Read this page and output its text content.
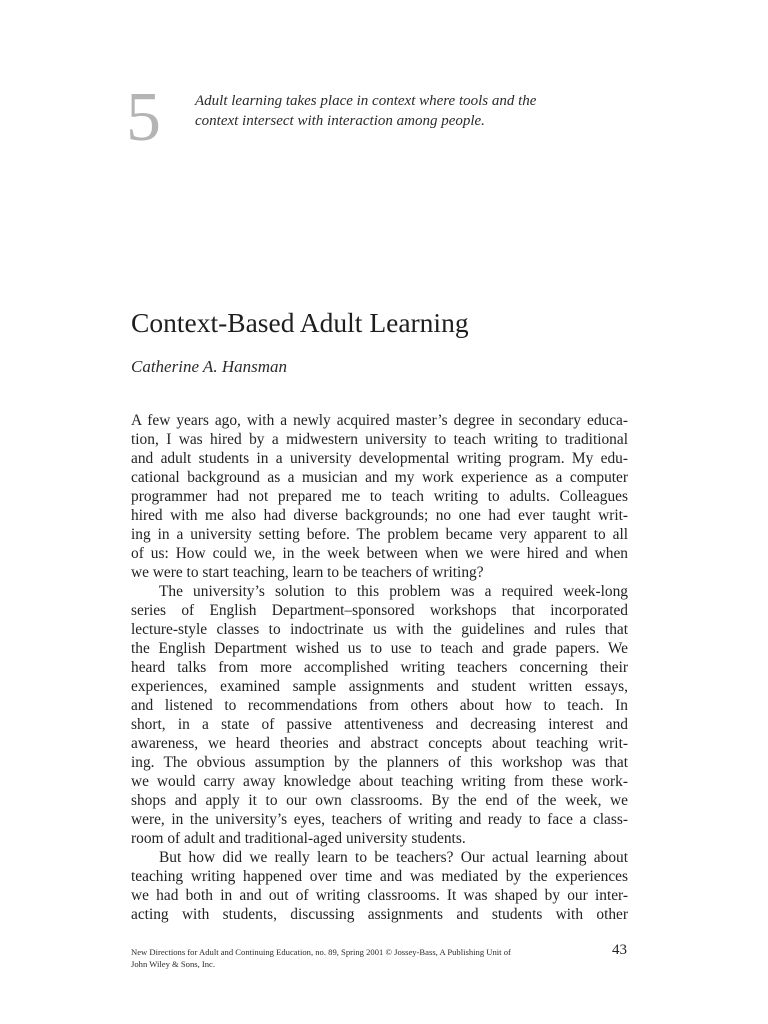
5 Adult learning takes place in context where tools and the
context intersect with interaction among people.
Context-Based Adult Learning
Catherine A. Hansman
A few years ago, with a newly acquired master’s degree in secondary educa-
tion, I was hired by a midwestern university to teach writing to traditional
and adult students in a university developmental writing program. My edu-
cational background as a musician and my work experience as a computer
programmer had not prepared me to teach writing to adults. Colleagues
hired with me also had diverse backgrounds; no one had ever taught writ-
ing in a university setting before. The problem became very apparent to all
of us: How could we, in the week between when we were hired and when
we were to start teaching, learn to be teachers of writing?
The university’s solution to this problem was a required week-long
series of English Department–sponsored workshops that incorporated
lecture-style classes to indoctrinate us with the guidelines and rules that
the English Department wished us to use to teach and grade papers. We
heard talks from more accomplished writing teachers concerning their
experiences, examined sample assignments and student written essays,
and listened to recommendations from others about how to teach. In
short, in a state of passive attentiveness and decreasing interest and
awareness, we heard theories and abstract concepts about teaching writ-
ing. The obvious assumption by the planners of this workshop was that
we would carry away knowledge about teaching writing from these work-
shops and apply it to our own classrooms. By the end of the week, we
were, in the university’s eyes, teachers of writing and ready to face a class-
room of adult and traditional-aged university students.
But how did we really learn to be teachers? Our actual learning about
teaching writing happened over time and was mediated by the experiences
we had both in and out of writing classrooms. It was shaped by our inter-
acting with students, discussing assignments and students with other
New Directions for Adult and Continuing Education, no. 89, Spring 2001 © Jossey-Bass, A Publishing Unit of
John Wiley & Sons, Inc.
43
